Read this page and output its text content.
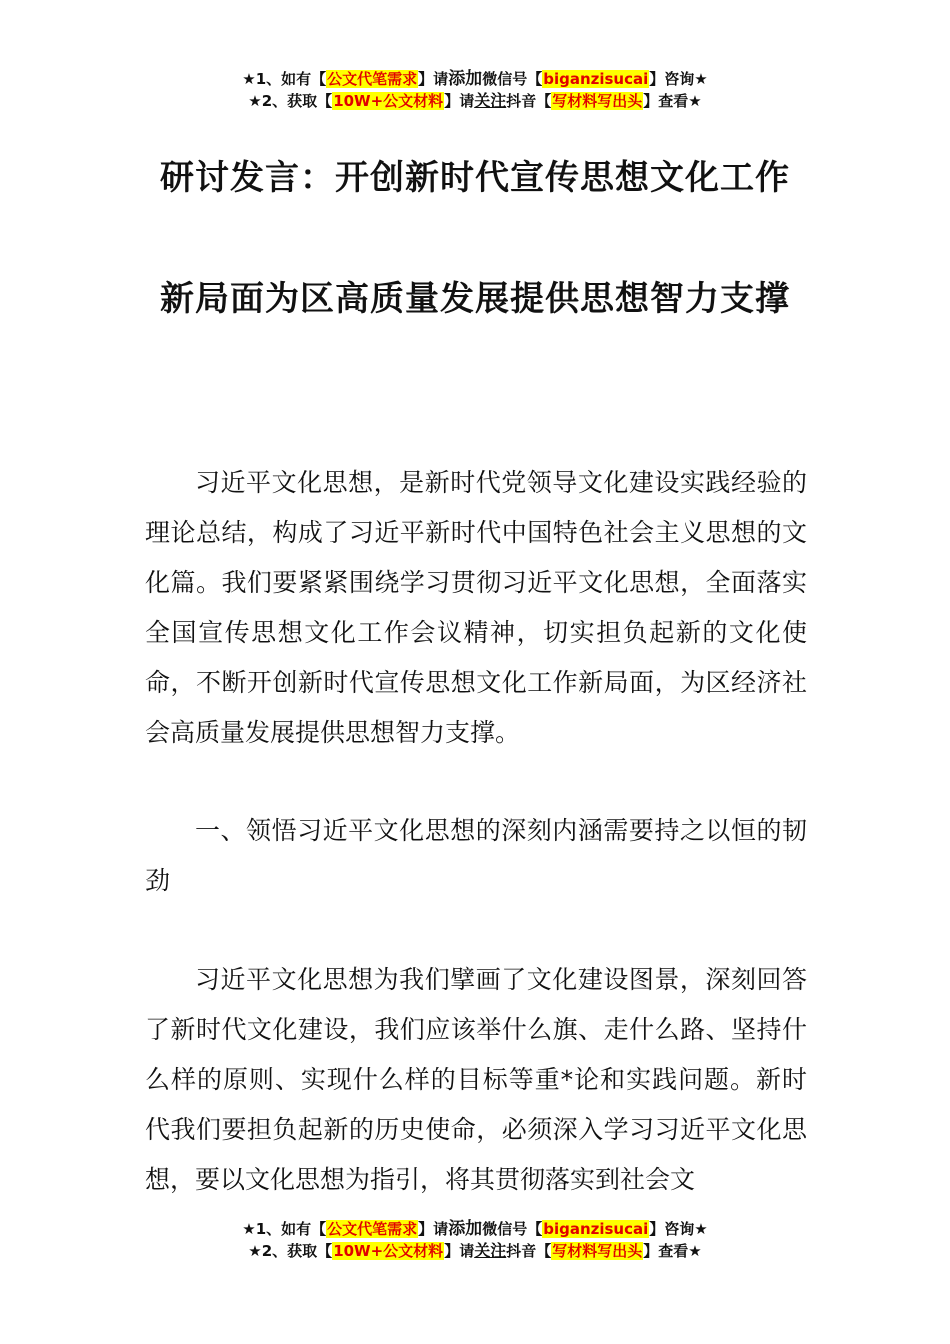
★1、如有【公文代笔需求】请添加微信号【biganzisucai】咨询★
★2、获取【10W+公文材料】请关注抖音【写材料写出头】查看★
研讨发言：开创新时代宣传思想文化工作
新局面为区高质量发展提供思想智力支撑

习近平文化思想，是新时代党领导文化建设实践经验的理论总结，构成了习近平新时代中国特色社会主义思想的文化篇。我们要紧紧围绕学习贯彻习近平文化思想，全面落实全国宣传思想文化工作会议精神，切实担负起新的文化使命，不断开创新时代宣传思想文化工作新局面，为区经济社会高质量发展提供思想智力支撑。

一、领悟习近平文化思想的深刻内涵需要持之以恒的韧劲

习近平文化思想为我们擘画了文化建设图景，深刻回答了新时代文化建设，我们应该举什么旗、走什么路、坚持什么样的原则、实现什么样的目标等重*论和实践问题。新时代我们要担负起新的历史使命，必须深入学习习近平文化思想，要以文化思想为指引，将其贯彻落实到社会文

★1、如有【公文代笔需求】请添加微信号【biganzisucai】咨询★
★2、获取【10W+公文材料】请关注抖音【写材料写出头】查看★
